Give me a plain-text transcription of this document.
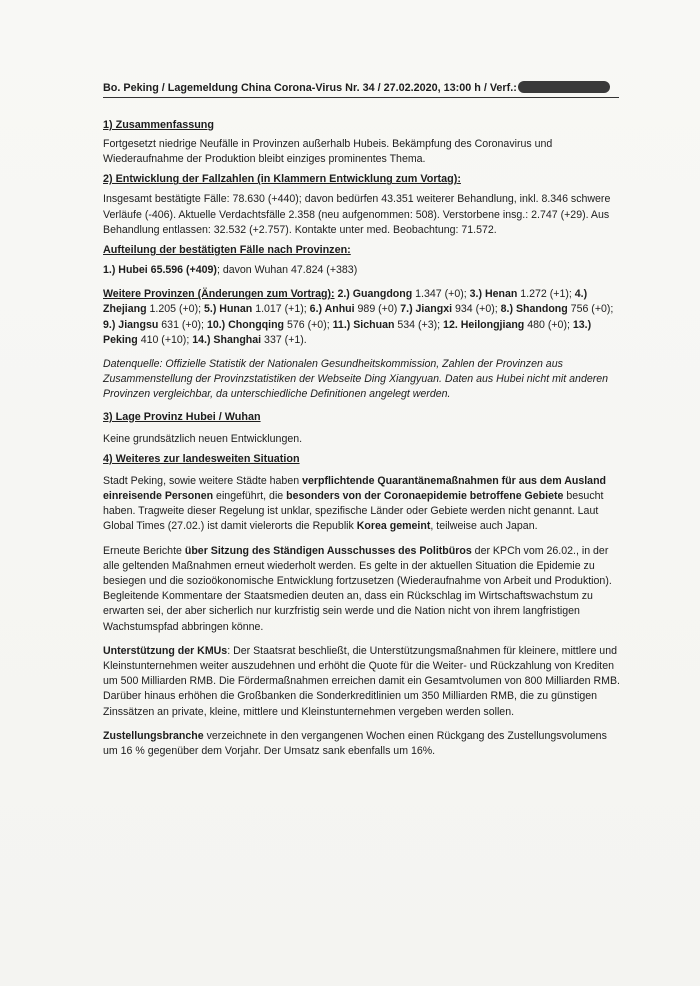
Bo. Peking / Lagemeldung China Corona-Virus Nr. 34 / 27.02.2020, 13:00 h / Verf.:
1) Zusammenfassung

Fortgesetzt niedrige Neufälle in Provinzen außerhalb Hubeis. Bekämpfung des Coronavirus und Wiederaufnahme der Produktion bleibt einziges prominentes Thema.

2) Entwicklung der Fallzahlen (in Klammern Entwicklung zum Vortag):

Insgesamt bestätigte Fälle: 78.630 (+440); davon bedürfen 43.351 weiterer Behandlung, inkl. 8.346 schwere Verläufe (-406). Aktuelle Verdachtsfälle 2.358 (neu aufgenommen: 508). Verstorbene insg.: 2.747 (+29). Aus Behandlung entlassen: 32.532 (+2.757). Kontakte unter med. Beobachtung: 71.572.

Aufteilung der bestätigten Fälle nach Provinzen:

1.) Hubei 65.596 (+409); davon Wuhan 47.824 (+383)

Weitere Provinzen (Änderungen zum Vortrag): 2.) Guangdong 1.347 (+0); 3.) Henan 1.272 (+1); 4.) Zhejiang 1.205 (+0); 5.) Hunan 1.017 (+1); 6.) Anhui 989 (+0) 7.) Jiangxi 934 (+0); 8.) Shandong 756 (+0); 9.) Jiangsu 631 (+0); 10.) Chongqing 576 (+0); 11.) Sichuan 534 (+3); 12. Heilongjiang 480 (+0); 13.) Peking 410 (+10); 14.) Shanghai 337 (+1).

Datenquelle: Offizielle Statistik der Nationalen Gesundheitskommission, Zahlen der Provinzen aus Zusammenstellung der Provinzstatistiken der Webseite Ding Xiangyuan. Daten aus Hubei nicht mit anderen Provinzen vergleichbar, da unterschiedliche Definitionen angelegt werden.

3) Lage Provinz Hubei / Wuhan

Keine grundsätzlich neuen Entwicklungen.

4) Weiteres zur landesweiten Situation

Stadt Peking, sowie weitere Städte haben verpflichtende Quarantänemaßnahmen für aus dem Ausland einreisende Personen eingeführt, die besonders von der Coronaepidemie betroffene Gebiete besucht haben. Tragweite dieser Regelung ist unklar, spezifische Länder oder Gebiete werden nicht genannt. Laut Global Times (27.02.) ist damit vielerorts die Republik Korea gemeint, teilweise auch Japan.

Erneute Berichte über Sitzung des Ständigen Ausschusses des Politbüros der KPCh vom 26.02., in der alle geltenden Maßnahmen erneut wiederholt werden. Es gelte in der aktuellen Situation die Epidemie zu besiegen und die sozioökonomische Entwicklung fortzusetzen (Wiederaufnahme von Arbeit und Produktion). Begleitende Kommentare der Staatsmedien deuten an, dass ein Rückschlag im Wirtschaftswachstum zu erwarten sei, der aber sicherlich nur kurzfristig sein werde und die Nation nicht von ihrem langfristigen Wachstumspfad abbringen könne.

Unterstützung der KMUs: Der Staatsrat beschließt, die Unterstützungsmaßnahmen für kleinere, mittlere und Kleinstunternehmen weiter auszudehnen und erhöht die Quote für die Weiter- und Rückzahlung von Krediten um 500 Milliarden RMB. Die Fördermaßnahmen erreichen damit ein Gesamtvolumen von 800 Milliarden RMB. Darüber hinaus erhöhen die Großbanken die Sonderkreditlinien um 350 Milliarden RMB, die zu günstigen Zinssätzen an private, kleine, mittlere und Kleinstunternehmen vergeben werden sollen.

Zustellungsbranche verzeichnete in den vergangenen Wochen einen Rückgang des Zustellungsvolumens um 16 % gegenüber dem Vorjahr. Der Umsatz sank ebenfalls um 16%.
